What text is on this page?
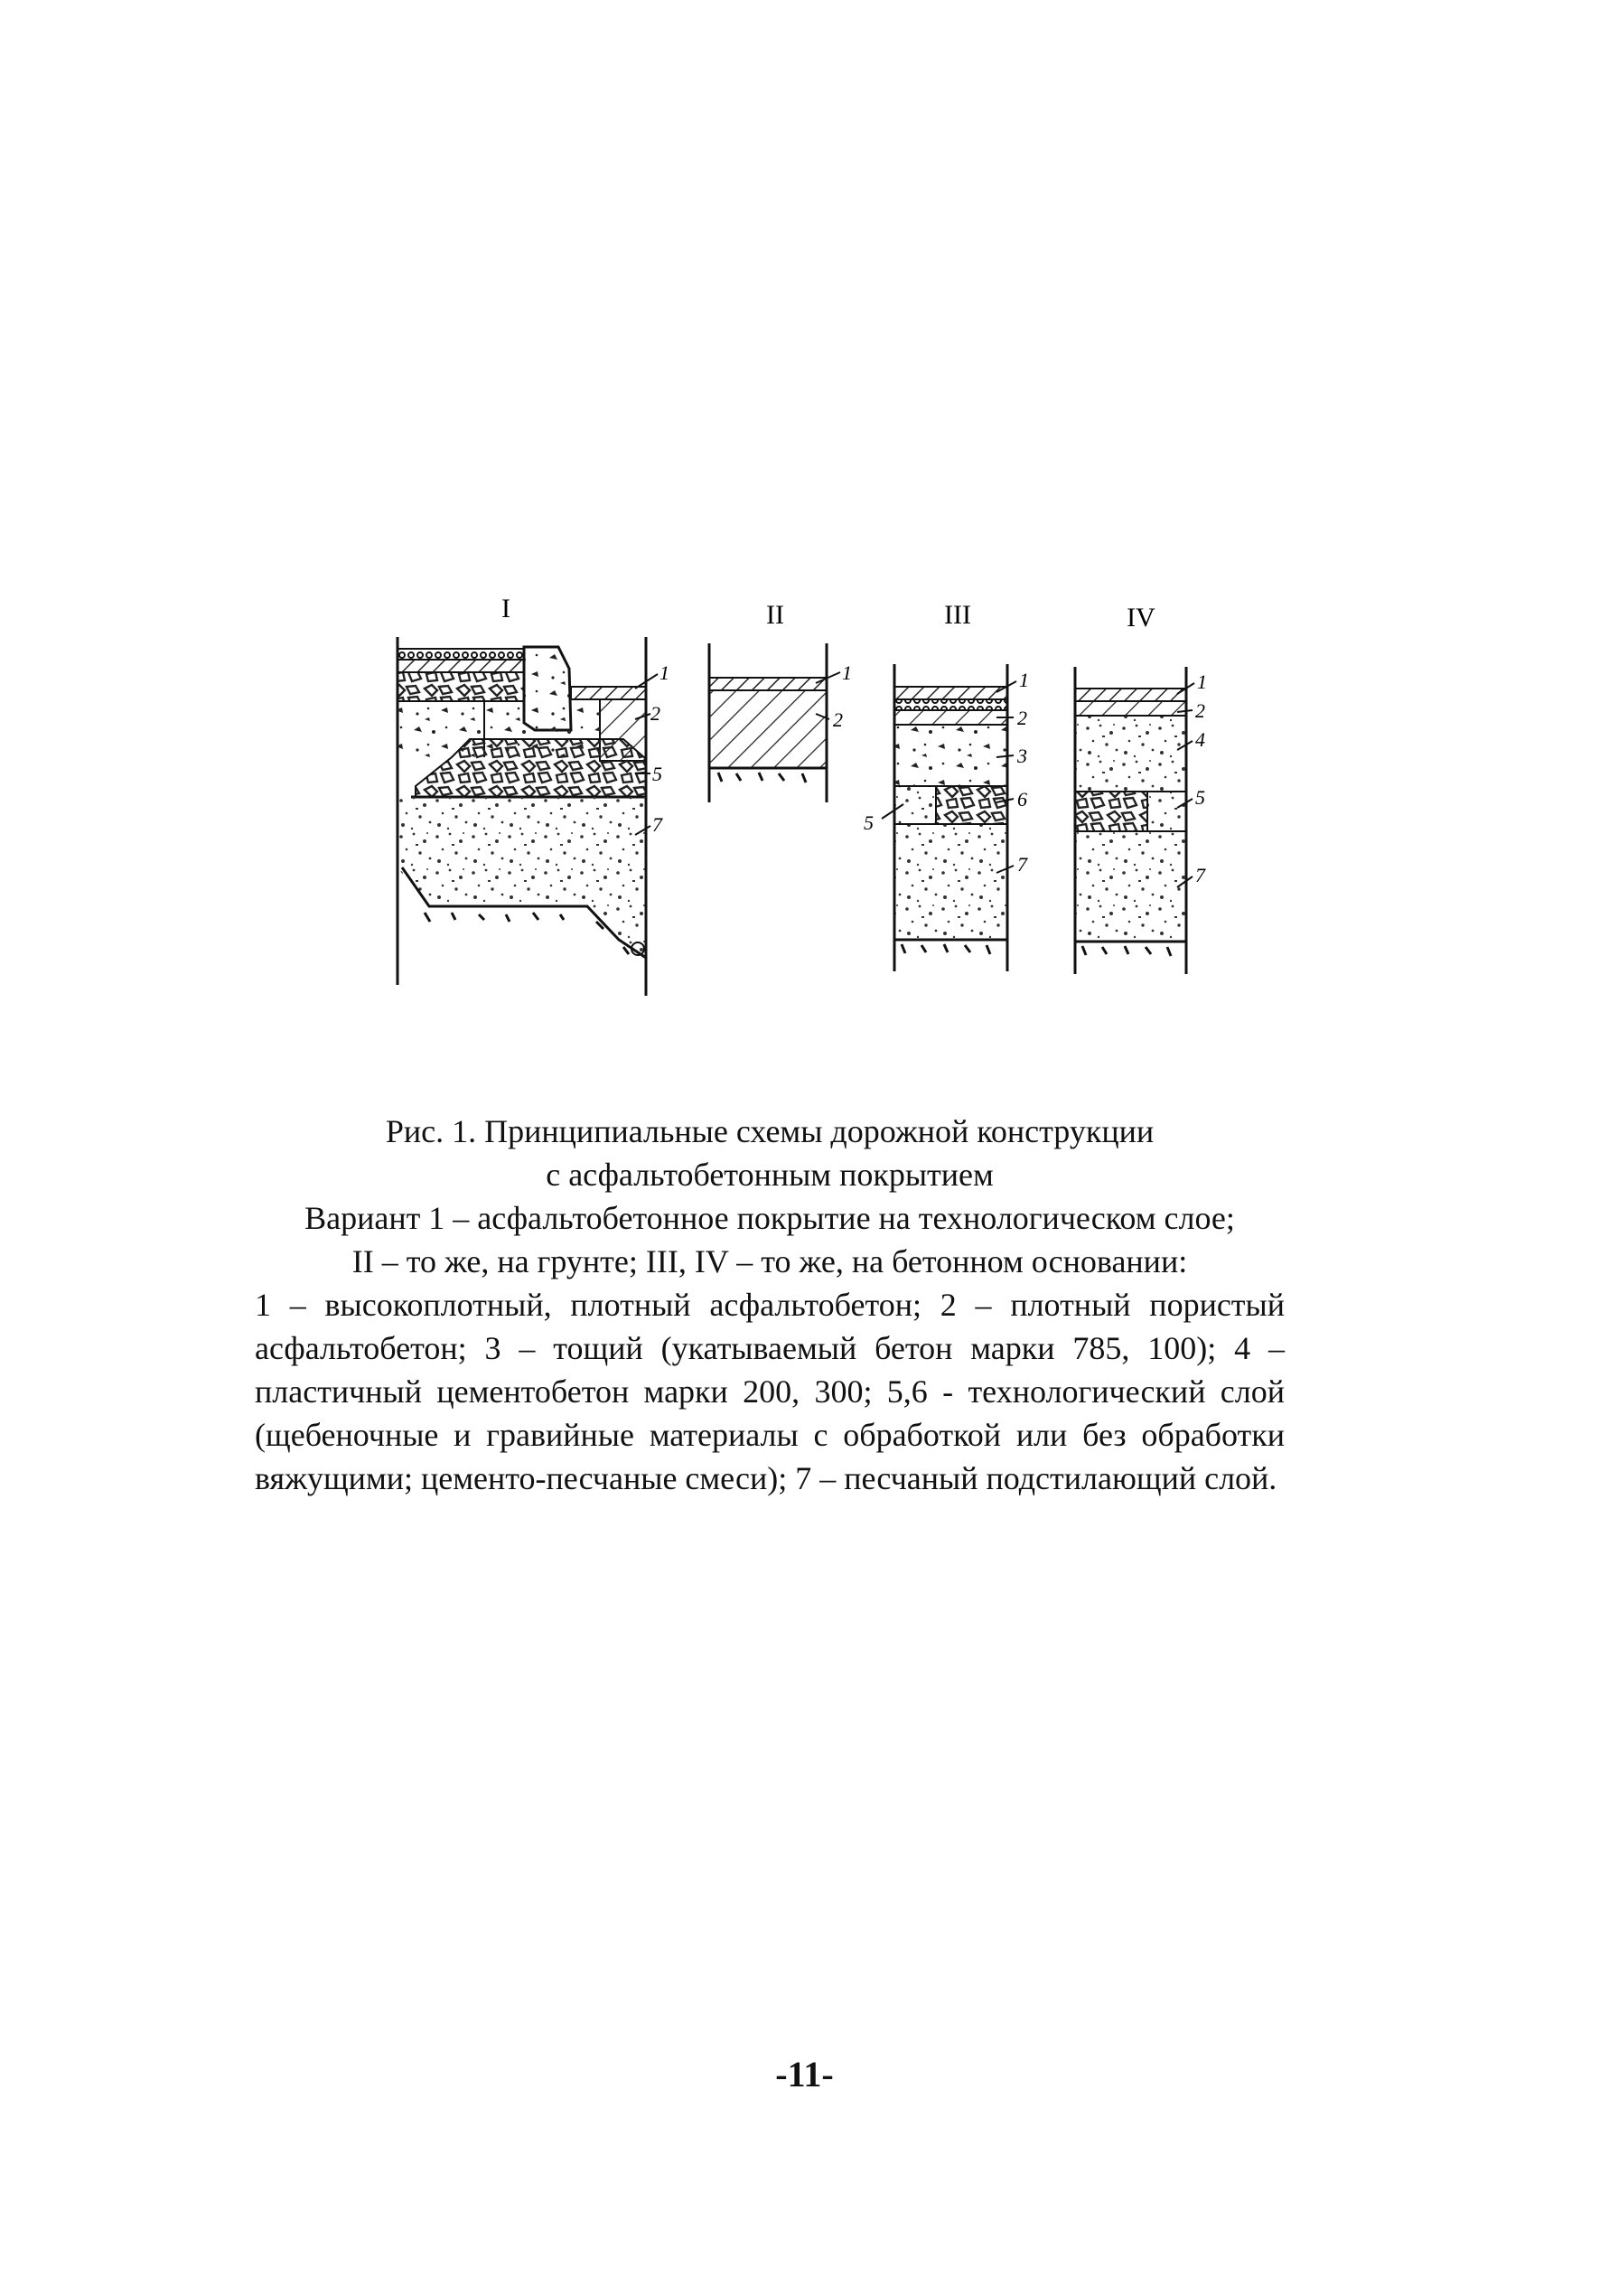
I	II	III	IV
1
2
5
7
1
2
1
2
3
6
5
7
1
2
4
5
7
Рис. 1. Принципиальные схемы дорожной конструкции
с асфальтобетонным покрытием
Вариант 1 – асфальтобетонное покрытие на технологическом слое;
II – то же, на грунте; III, IV – то же, на бетонном основании:
1 – высокоплотный, плотный асфальтобетон; 2 – плотный пористый асфальтобетон; 3 – тощий (укатываемый бетон марки 785, 100); 4 – пластичный цементобетон марки 200, 300; 5,6 - технологический слой (щебеночные и гравийные материалы с обработкой или без обработки вяжущими; цементо-песчаные смеси); 7 – песчаный подстилающий слой.
-11-
